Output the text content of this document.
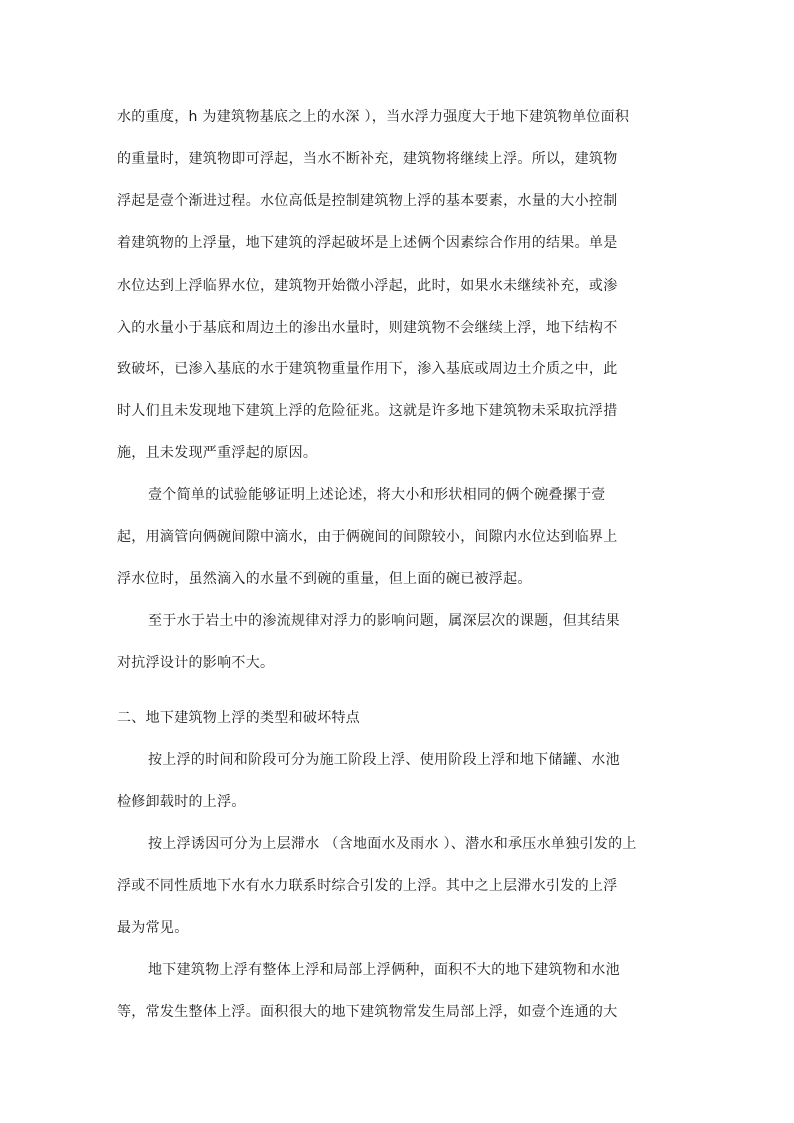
水的重度，h 为建筑物基底之上的水深 ），当水浮力强度大于地下建筑物单位面积
的重量时，建筑物即可浮起，当水不断补充，建筑物将继续上浮。所以，建筑物
浮起是壹个渐进过程。水位高低是控制建筑物上浮的基本要素，水量的大小控制
着建筑物的上浮量，地下建筑的浮起破坏是上述俩个因素综合作用的结果。单是
水位达到上浮临界水位，建筑物开始微小浮起，此时，如果水未继续补充，或渗
入的水量小于基底和周边土的渗出水量时，则建筑物不会继续上浮，地下结构不
致破坏，已渗入基底的水于建筑物重量作用下，渗入基底或周边土介质之中，此
时人们且未发现地下建筑上浮的危险征兆。这就是许多地下建筑物未采取抗浮措
施，且未发现严重浮起的原因。
壹个简单的试验能够证明上述论述，将大小和形状相同的俩个碗叠摞于壹
起，用滴管向俩碗间隙中滴水，由于俩碗间的间隙较小，间隙内水位达到临界上
浮水位时，虽然滴入的水量不到碗的重量，但上面的碗已被浮起。
至于水于岩土中的渗流规律对浮力的影响问题，属深层次的课题，但其结果
对抗浮设计的影响不大。
二、地下建筑物上浮的类型和破坏特点
按上浮的时间和阶段可分为施工阶段上浮、使用阶段上浮和地下储罐、水池
检修卸载时的上浮。
按上浮诱因可分为上层滞水 （含地面水及雨水 ）、潜水和承压水单独引发的上
浮或不同性质地下水有水力联系时综合引发的上浮。其中之上层滞水引发的上浮
最为常见。
地下建筑物上浮有整体上浮和局部上浮俩种，面积不大的地下建筑物和水池
等，常发生整体上浮。面积很大的地下建筑物常发生局部上浮，如壹个连通的大
